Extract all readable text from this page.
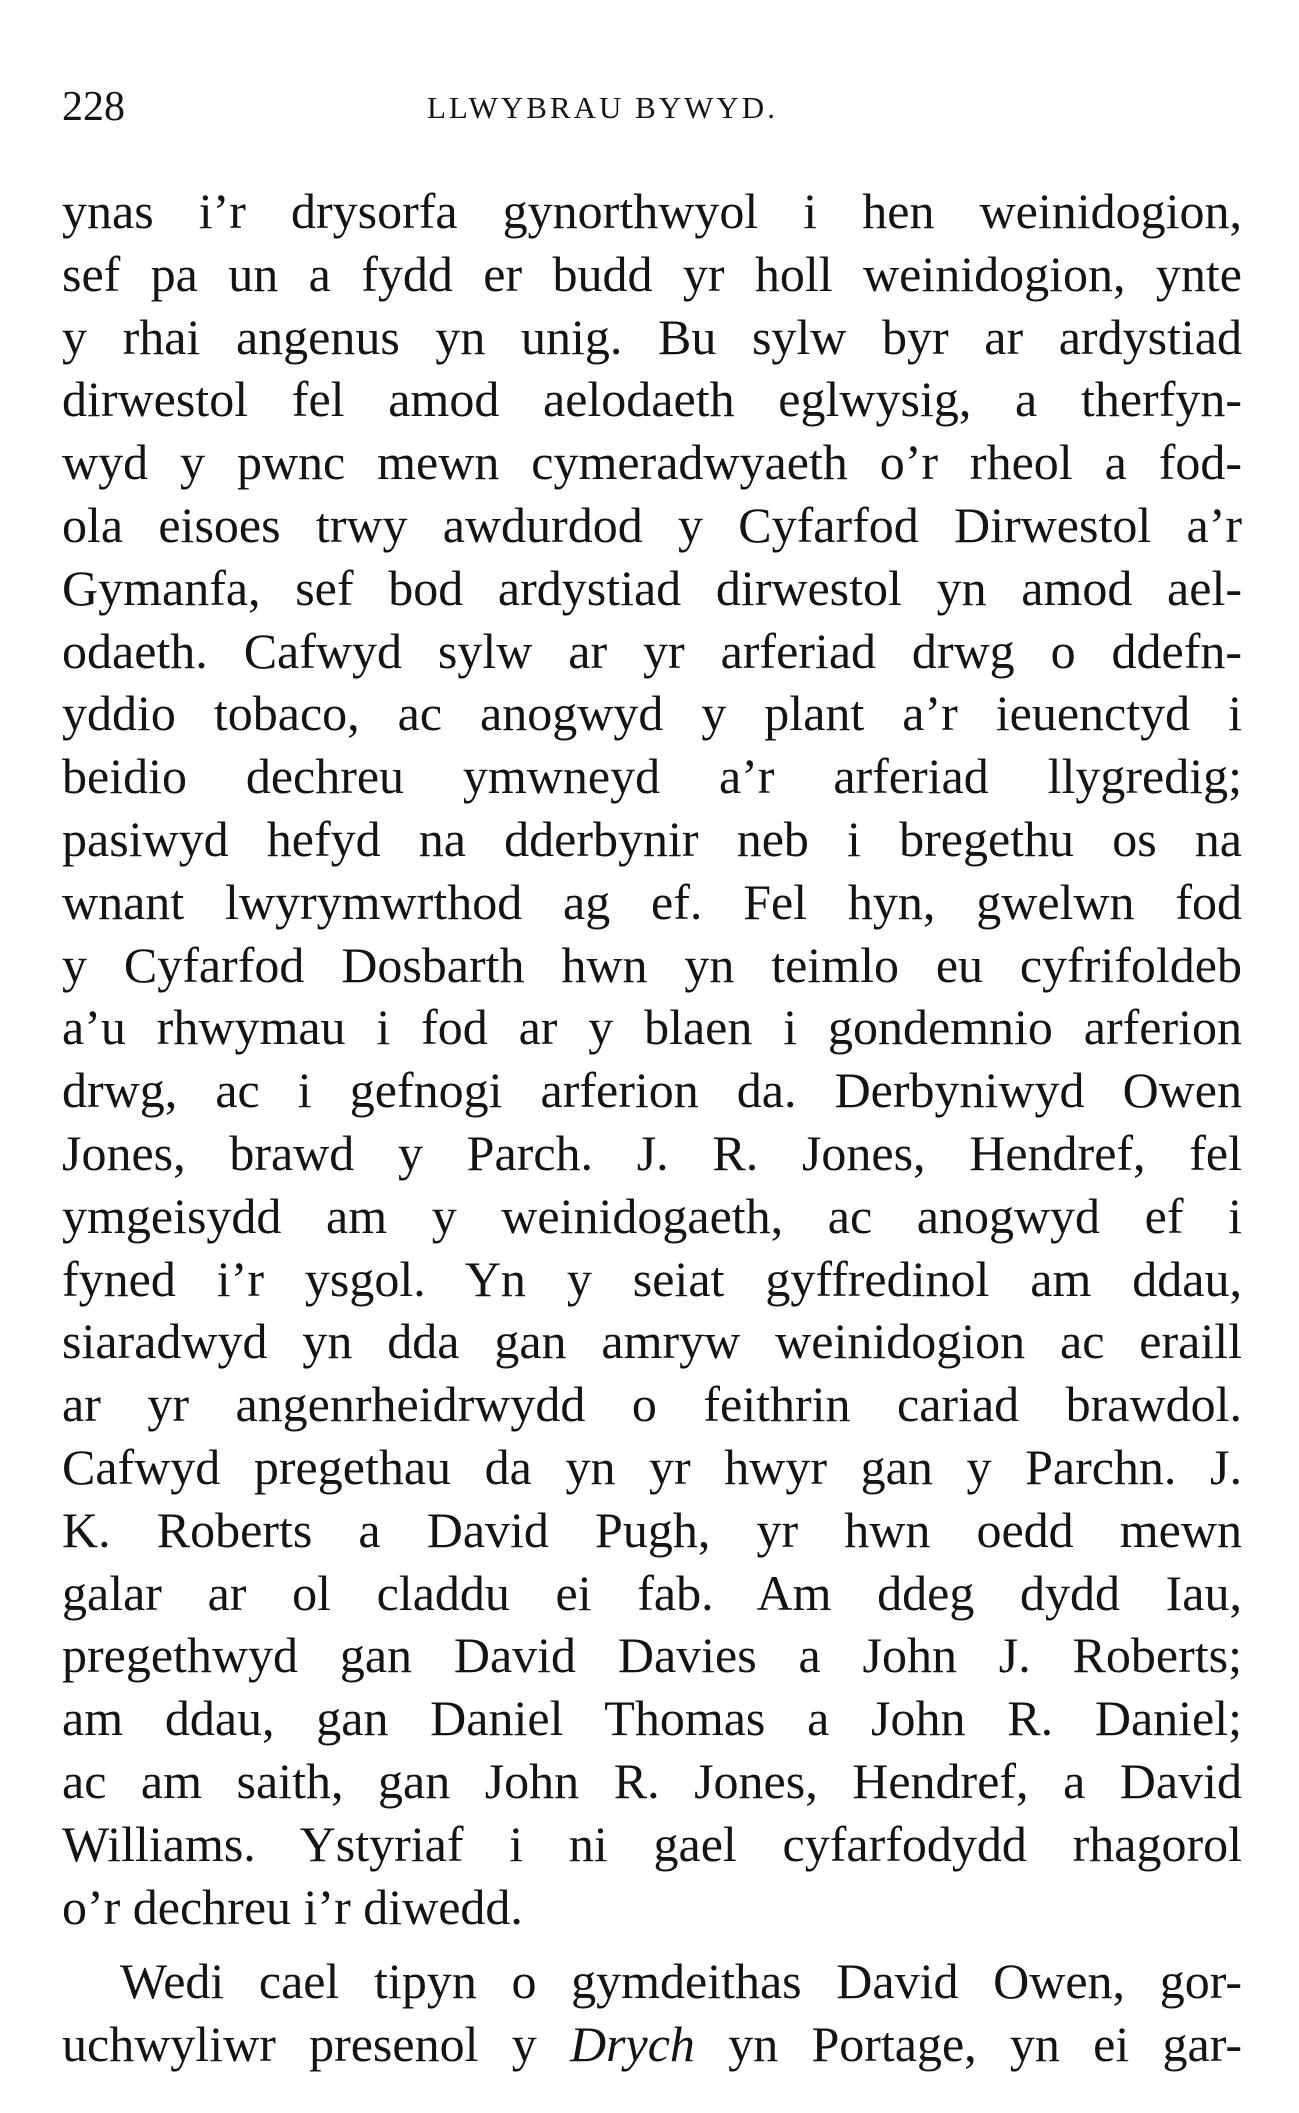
228	LLWYBRAU BYWYD.
ynas i’r drysorfa gynorthwyol i hen weinidogion,
sef pa un a fydd er budd yr holl weinidogion, ynte
y rhai angenus yn unig. Bu sylw byr ar ardystiad
dirwestol fel amod aelodaeth eglwysig, a therfyn-
wyd y pwnc mewn cymeradwyaeth o’r rheol a fod-
ola eisoes trwy awdurdod y Cyfarfod Dirwestol a’r
Gymanfa, sef bod ardystiad dirwestol yn amod ael-
odaeth. Cafwyd sylw ar yr arferiad drwg o ddefn-
yddio tobaco, ac anogwyd y plant a’r ieuenctyd i
beidio dechreu ymwneyd a’r arferiad llygredig;
pasiwyd hefyd na dderbynir neb i bregethu os na
wnant lwyrymwrthod ag ef. Fel hyn, gwelwn fod
y Cyfarfod Dosbarth hwn yn teimlo eu cyfrifoldeb
a’u rhwymau i fod ar y blaen i gondemnio arferion
drwg, ac i gefnogi arferion da. Derbyniwyd Owen
Jones, brawd y Parch. J. R. Jones, Hendref, fel
ymgeisydd am y weinidogaeth, ac anogwyd ef i
fyned i’r ysgol. Yn y seiat gyffredinol am ddau,
siaradwyd yn dda gan amryw weinidogion ac eraill
ar yr angenrheidrwydd o feithrin cariad brawdol.
Cafwyd pregethau da yn yr hwyr gan y Parchn. J.
K. Roberts a David Pugh, yr hwn oedd mewn
galar ar ol claddu ei fab. Am ddeg dydd Iau,
pregethwyd gan David Davies a John J. Roberts;
am ddau, gan Daniel Thomas a John R. Daniel;
ac am saith, gan John R. Jones, Hendref, a David
Williams. Ystyriaf i ni gael cyfarfodydd rhagorol
o’r dechreu i’r diwedd.
Wedi cael tipyn o gymdeithas David Owen, gor-
uchwyliwr presenol y Drych yn Portage, yn ei gar-
